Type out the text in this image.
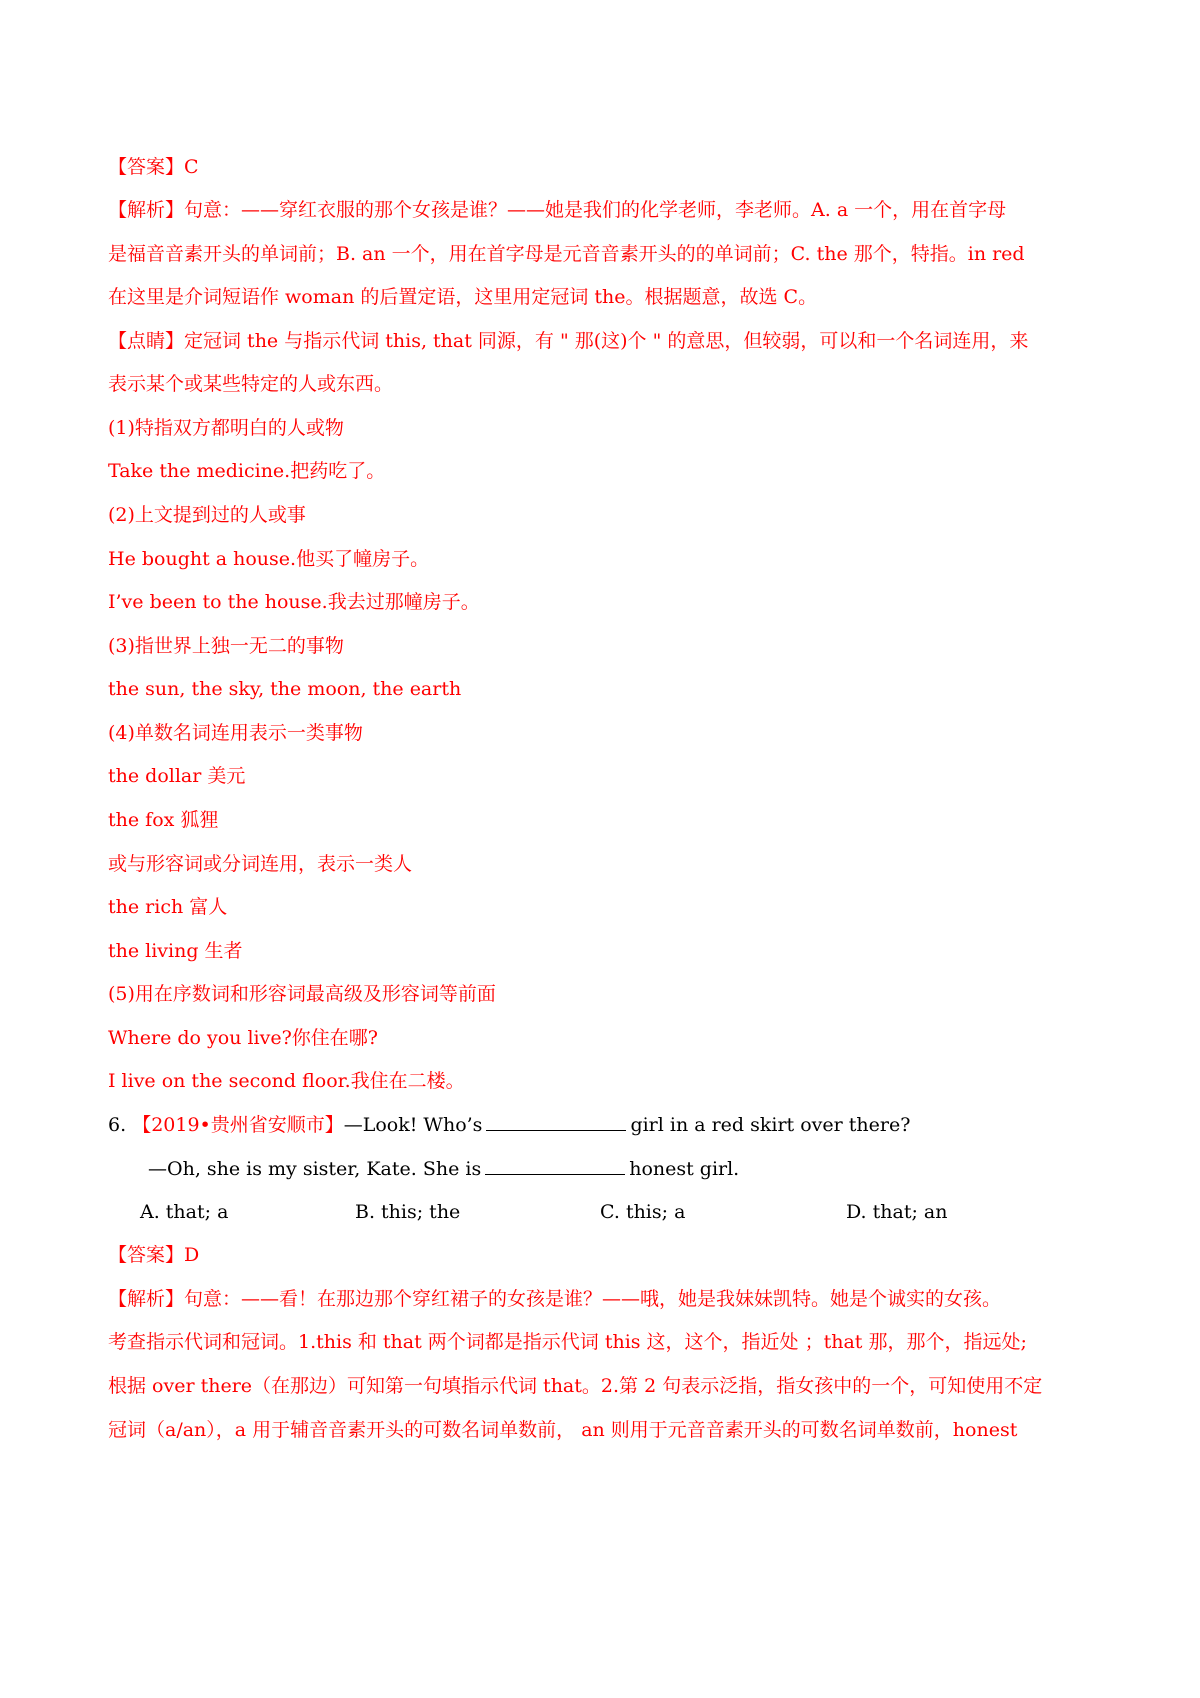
【答案】C
【解析】句意：——穿红衣服的那个女孩是谁？——她是我们的化学老师，李老师。A. a 一个，用在首字母
是福音音素开头的单词前；B. an 一个，用在首字母是元音音素开头的的单词前；C. the 那个，特指。in red
在这里是介词短语作 woman 的后置定语，这里用定冠词 the。根据题意，故选 C。
【点睛】定冠词 the 与指示代词 this, that 同源，有 " 那(这)个 " 的意思，但较弱，可以和一个名词连用，来
表示某个或某些特定的人或东西。
(1)特指双方都明白的人或物
Take the medicine.把药吃了。
(2)上文提到过的人或事
He bought a house.他买了幢房子。
I’ve been to the house.我去过那幢房子。
(3)指世界上独一无二的事物
the sun, the sky, the moon, the earth
(4)单数名词连用表示一类事物
the dollar 美元
the fox 狐狸
或与形容词或分词连用，表示一类人
the rich 富人
the living 生者
(5)用在序数词和形容词最高级及形容词等前面
Where do you live?你住在哪?
I live on the second floor.我住在二楼。
6. 【2019•贵州省安顺市】—Look! Who’s	girl in a red skirt over there?
—Oh, she is my sister, Kate. She is	honest girl.
A. that; a	B. this; the	C. this; a	D. that; an
【答案】D
【解析】句意：——看！在那边那个穿红裙子的女孩是谁？——哦，她是我妹妹凯特。她是个诚实的女孩。
考查指示代词和冠词。1.this 和 that 两个词都是指示代词 this 这，这个，指近处 ；that 那，那个，指远处;
根据 over there（在那边）可知第一句填指示代词 that。2.第 2 句表示泛指，指女孩中的一个，可知使用不定
冠词（a/an），a 用于辅音音素开头的可数名词单数前， an 则用于元音音素开头的可数名词单数前，honest
